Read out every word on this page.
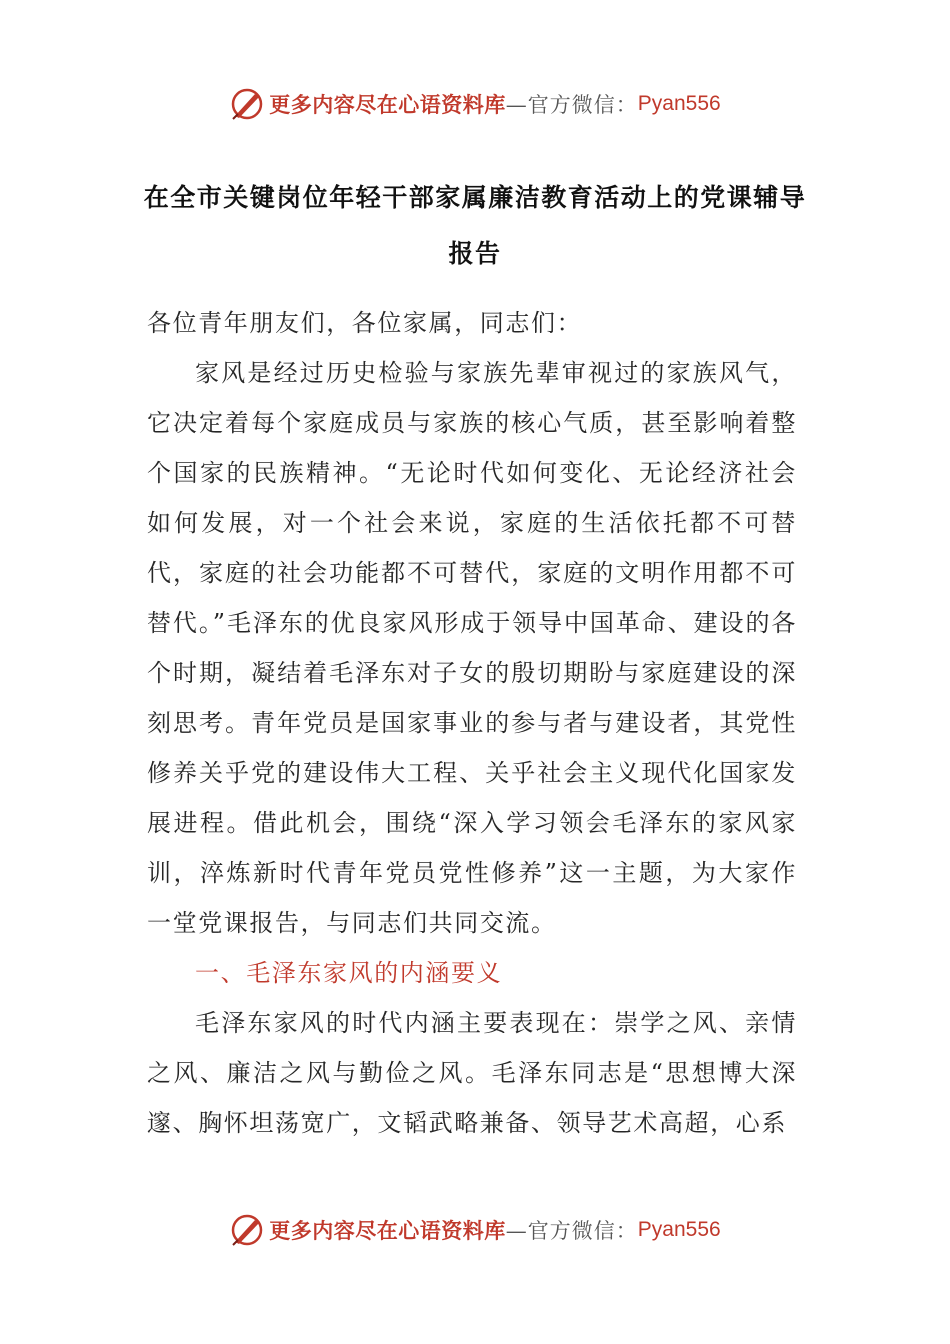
更多内容尽在心语资料库 —官方微信： Pyan556
在全市关键岗位年轻干部家属廉洁教育活动上的党课辅导
报告

各位青年朋友们，各位家属，同志们：

家风是经过历史检验与家族先辈审视过的家族风气，它决定着每个家庭成员与家族的核心气质，甚至影响着整个国家的民族精神。“无论时代如何变化、无论经济社会如何发展，对一个社会来说，家庭的生活依托都不可替代，家庭的社会功能都不可替代，家庭的文明作用都不可替代。”毛泽东的优良家风形成于领导中国革命、建设的各个时期，凝结着毛泽东对子女的殷切期盼与家庭建设的深刻思考。青年党员是国家事业的参与者与建设者，其党性修养关乎党的建设伟大工程、关乎社会主义现代化国家发展进程。借此机会，围绕“深入学习领会毛泽东的家风家训，淬炼新时代青年党员党性修养”这一主题，为大家作一堂党课报告，与同志们共同交流。

一、毛泽东家风的内涵要义

毛泽东家风的时代内涵主要表现在：崇学之风、亲情之风、廉洁之风与勤俭之风。毛泽东同志是“思想博大深邃、胸怀坦荡宽广，文韬武略兼备、领导艺术高超，心系

更多内容尽在心语资料库 —官方微信： Pyan556
